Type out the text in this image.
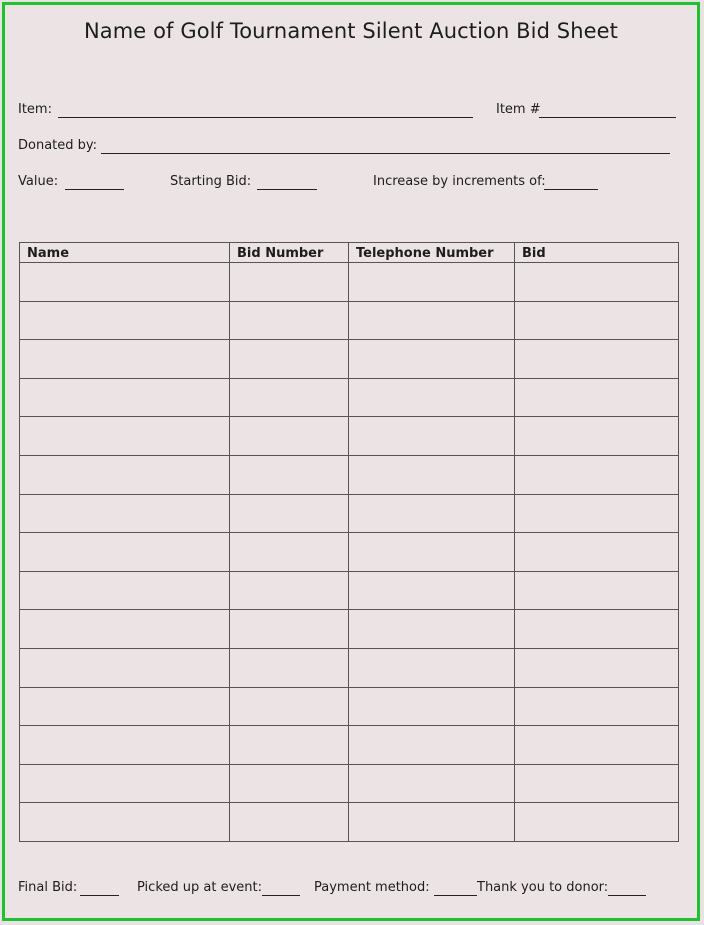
Name of Golf Tournament Silent Auction Bid Sheet
Item:	Item #
Donated by:
Value:	Starting Bid:	Increase by increments of:
Name	Bid Number	Telephone Number	Bid

Final Bid:	Picked up at event:	Payment method:	Thank you to donor:
